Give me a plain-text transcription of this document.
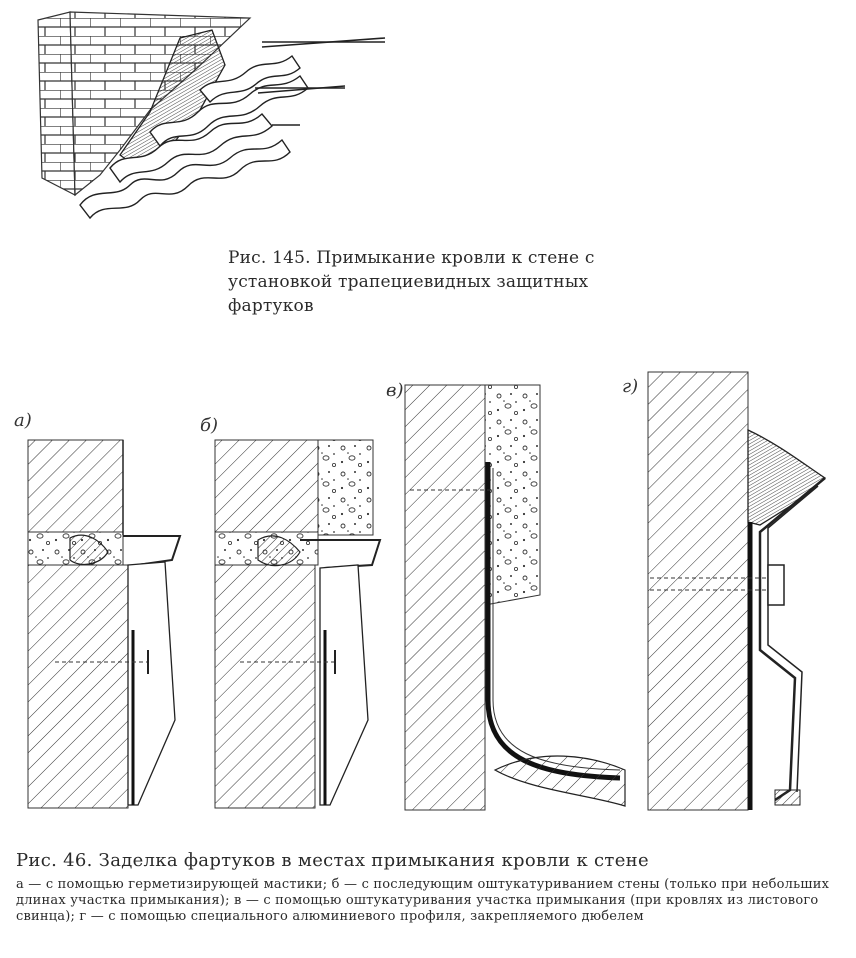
Рис. 145. Примыкание кровли к стене с установкой трапециевидных защитных фартуков
а)	б)
в)	г)
Рис. 46. Заделка фартуков в местах примыкания кровли к стене
а — с помощью герметизирующей мастики; б — с последующим оштукатуриванием стены (только при небольших длинах участка примыкания); в — с помощью оштукатуривания участка примыкания (при кровлях из листового свинца); г — с помощью специального алюминиевого профиля, закрепляемого дюбелем
